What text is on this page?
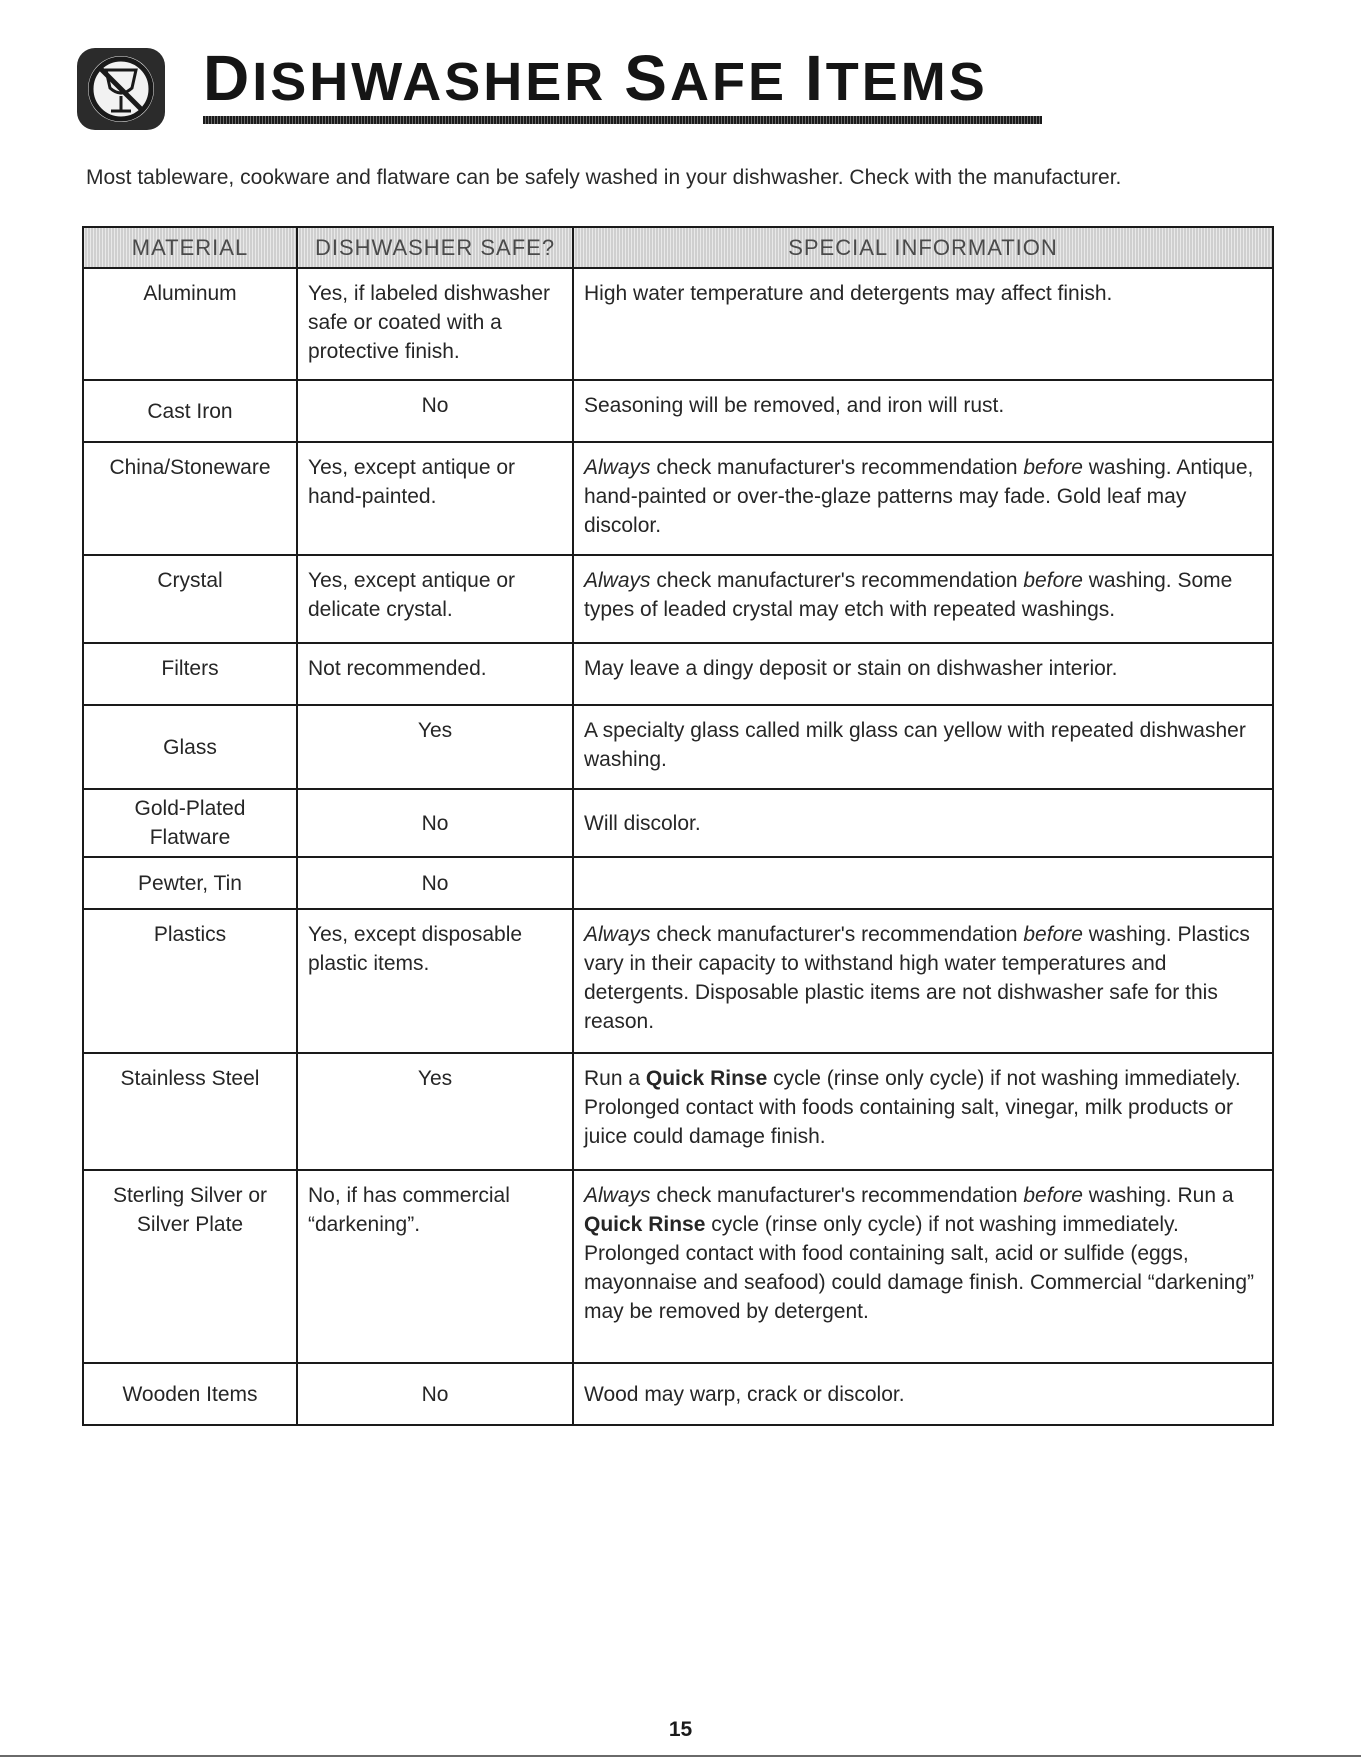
DISHWASHER SAFE ITEMS

Most tableware, cookware and flatware can be safely washed in your dishwasher. Check with the manufacturer.

MATERIAL	DISHWASHER SAFE?	SPECIAL INFORMATION
Aluminum	Yes, if labeled dishwasher safe or coated with a protective finish.	High water temperature and detergents may affect finish.
Cast Iron	No	Seasoning will be removed, and iron will rust.
China/Stoneware	Yes, except antique or hand-painted.	Always check manufacturer's recommendation before washing. Antique, hand-painted or over-the-glaze patterns may fade. Gold leaf may discolor.
Crystal	Yes, except antique or delicate crystal.	Always check manufacturer's recommendation before washing. Some types of leaded crystal may etch with repeated washings.
Filters	Not recommended.	May leave a dingy deposit or stain on dishwasher interior.
Glass	Yes	A specialty glass called milk glass can yellow with repeated dishwasher washing.
Gold-Plated Flatware	No	Will discolor.
Pewter, Tin	No	
Plastics	Yes, except disposable plastic items.	Always check manufacturer's recommendation before washing. Plastics vary in their capacity to withstand high water temperatures and detergents. Disposable plastic items are not dishwasher safe for this reason.
Stainless Steel	Yes	Run a Quick Rinse cycle (rinse only cycle) if not washing immediately. Prolonged contact with foods containing salt, vinegar, milk products or juice could damage finish.
Sterling Silver or Silver Plate	No, if has commercial “darkening”.	Always check manufacturer's recommendation before washing. Run a Quick Rinse cycle (rinse only cycle) if not washing immediately. Prolonged contact with food containing salt, acid or sulfide (eggs, mayonnaise and seafood) could damage finish. Commercial “darkening” may be removed by detergent.
Wooden Items	No	Wood may warp, crack or discolor.

15
